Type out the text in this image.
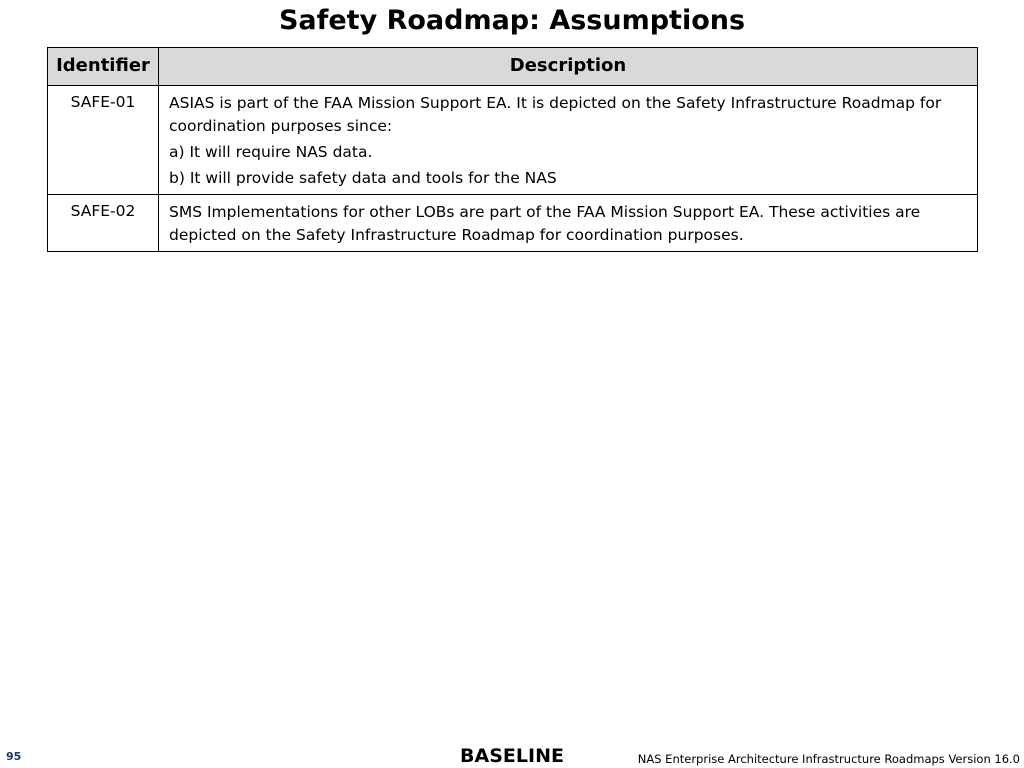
Safety Roadmap: Assumptions
Identifier	Description
SAFE-01	ASIAS is part of the FAA Mission Support EA. It is depicted on the Safety Infrastructure Roadmap for coordination purposes since:
a) It will require NAS data.
b) It will provide safety data and tools for the NAS

SAFE-02	SMS Implementations for other LOBs are part of the FAA Mission Support EA. These activities are depicted on the Safety Infrastructure Roadmap for coordination purposes.
95	BASELINE	NAS Enterprise Architecture Infrastructure Roadmaps Version 16.0
